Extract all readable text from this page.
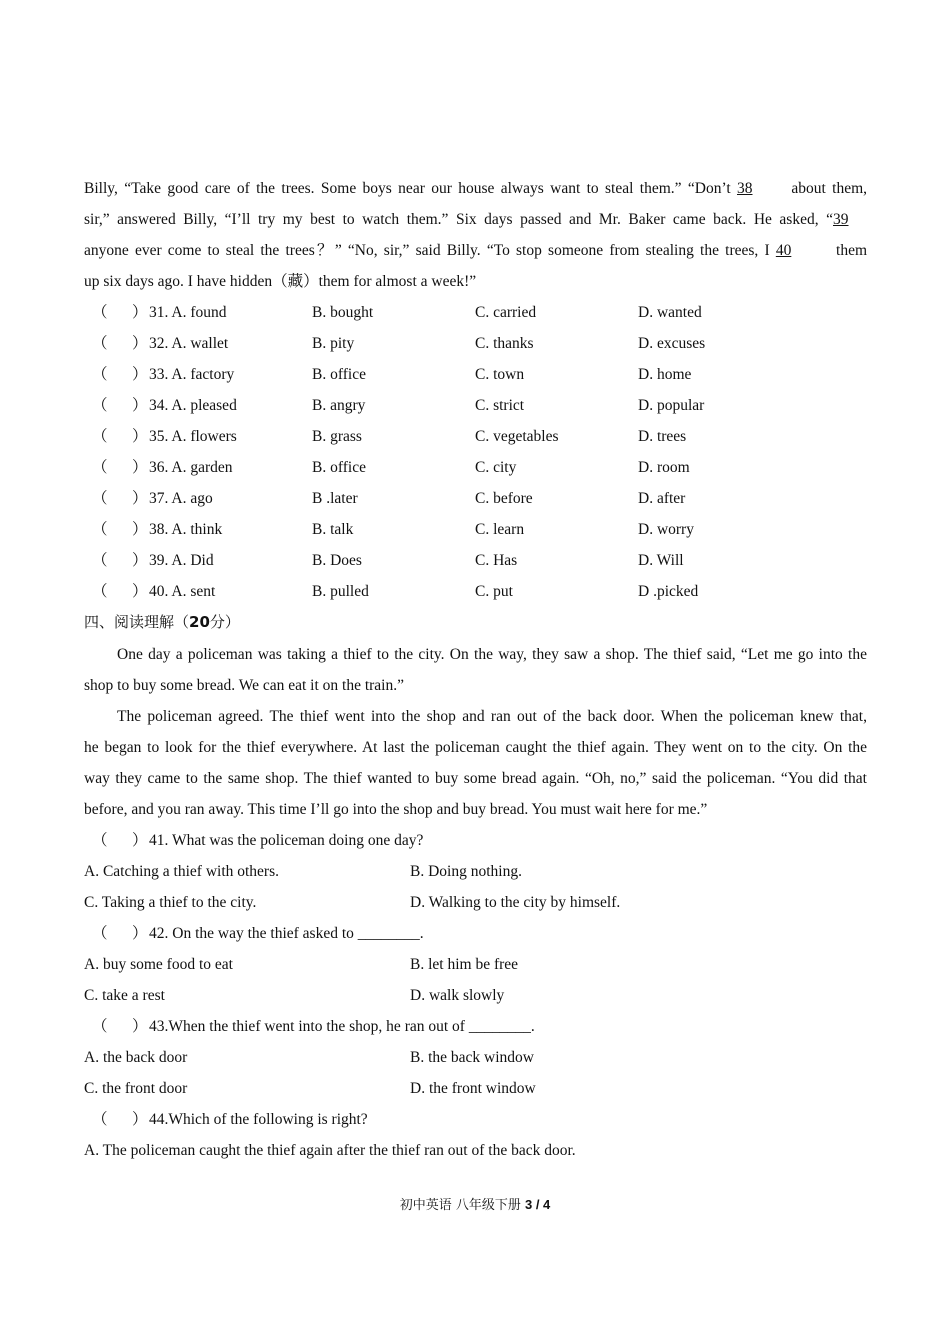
Billy, “Take good care of the trees. Some boys near our house always want to steal them.” “Don’t 38	about them,
sir,” answered Billy, “I’ll try my best to watch them.” Six days passed and Mr. Baker came back. He asked, “39
anyone ever come to steal the trees？” “No, sir,” said Billy. “To stop someone from stealing the trees, I 40	them
up six days ago. I have hidden（藏）them for almost a week!”
（ ） 31. A. found	B. bought	C. carried	D. wanted
（ ） 32. A. wallet	B. pity	C. thanks	D. excuses
（ ） 33. A. factory	B. office	C. town	D. home
（ ） 34. A. pleased	B. angry	C. strict	D. popular
（ ） 35. A. flowers	B. grass	C. vegetables	D. trees
（ ） 36. A. garden	B. office	C. city	D. room
（ ） 37. A. ago	B .later	C. before	D. after
（ ） 38. A. think	B. talk	C. learn	D. worry
（ ） 39. A. Did	B. Does	C. Has	D. Will
（ ） 40. A. sent	B. pulled	C. put	D .picked
四、阅读理解（20分）
One day a policeman was taking a thief to the city. On the way, they saw a shop. The thief said, “Let me go into the
shop to buy some bread. We can eat it on the train.”
The policeman agreed. The thief went into the shop and ran out of the back door. When the policeman knew that,
he began to look for the thief everywhere. At last the policeman caught the thief again. They went on to the city. On the
way they came to the same shop. The thief wanted to buy some bread again. “Oh, no,” said the policeman. “You did that
before, and you ran away. This time I’ll go into the shop and buy bread. You must wait here for me.”
（ ） 41. What was the policeman doing one day?
A. Catching a thief with others.	B. Doing nothing.
C. Taking a thief to the city.	D. Walking to the city by himself.
（ ） 42. On the way the thief asked to ________.
A. buy some food to eat	B. let him be free
C. take a rest	D. walk slowly
（ ） 43.When the thief went into the shop, he ran out of ________.
A. the back door	B. the back window
C. the front door	D. the front window
（ ） 44.Which of the following is right?
A. The policeman caught the thief again after the thief ran out of the back door.
初中英语 八年级下册 3 / 4
